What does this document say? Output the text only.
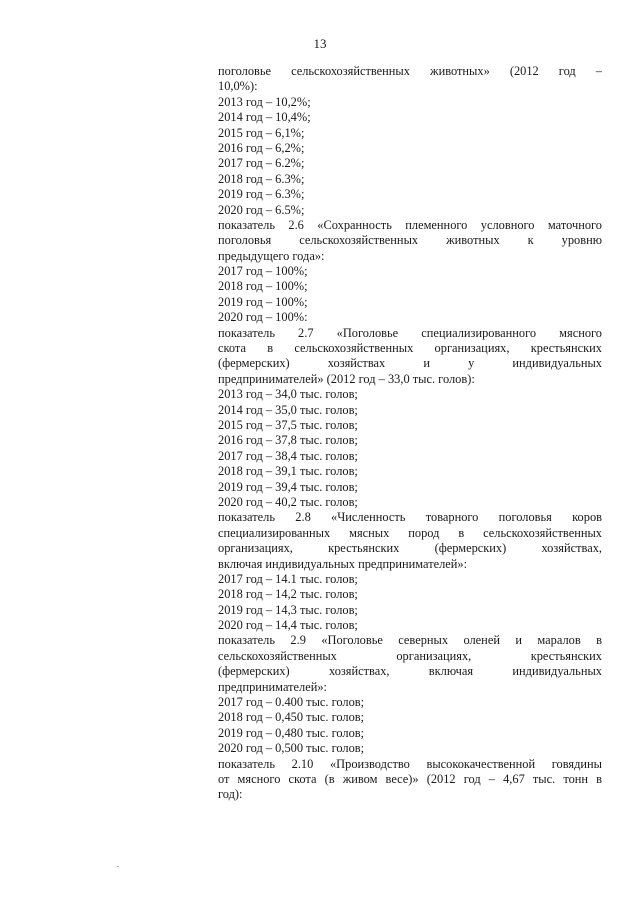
13
поголовье сельскохозяйственных животных» (2012 год –
10,0%):
2013 год – 10,2%;
2014 год – 10,4%;
2015 год – 6,1%;
2016 год – 6,2%;
2017 год – 6.2%;
2018 год – 6.3%;
2019 год – 6.3%;
2020 год – 6.5%;
показатель 2.6 «Сохранность племенного условного маточного
поголовья сельскохозяйственных животных к уровню
предыдущего года»:
2017 год – 100%;
2018 год – 100%;
2019 год – 100%;
2020 год – 100%:
показатель 2.7 «Поголовье специализированного мясного
скота в сельскохозяйственных организациях, крестьянских
(фермерских) хозяйствах и у индивидуальных
предпринимателей» (2012 год – 33,0 тыс. голов):
2013 год – 34,0 тыс. голов;
2014 год – 35,0 тыс. голов;
2015 год – 37,5 тыс. голов;
2016 год – 37,8 тыс. голов;
2017 год – 38,4 тыс. голов;
2018 год – 39,1 тыс. голов;
2019 год – 39,4 тыс. голов;
2020 год – 40,2 тыс. голов;
показатель 2.8 «Численность товарного поголовья коров
специализированных мясных пород в сельскохозяйственных
организациях, крестьянских (фермерских) хозяйствах,
включая индивидуальных предпринимателей»:
2017 год – 14.1 тыс. голов;
2018 год – 14,2 тыс. голов;
2019 год – 14,3 тыс. голов;
2020 год – 14,4 тыс. голов;
показатель 2.9 «Поголовье северных оленей и маралов в
сельскохозяйственных организациях, крестьянских
(фермерских) хозяйствах, включая индивидуальных
предпринимателей»:
2017 год – 0.400 тыс. голов;
2018 год – 0,450 тыс. голов;
2019 год – 0,480 тыс. голов;
2020 год – 0,500 тыс. голов;
показатель 2.10 «Производство высококачественной говядины
от мясного скота (в живом весе)» (2012 год – 4,67 тыс. тонн в
год):
